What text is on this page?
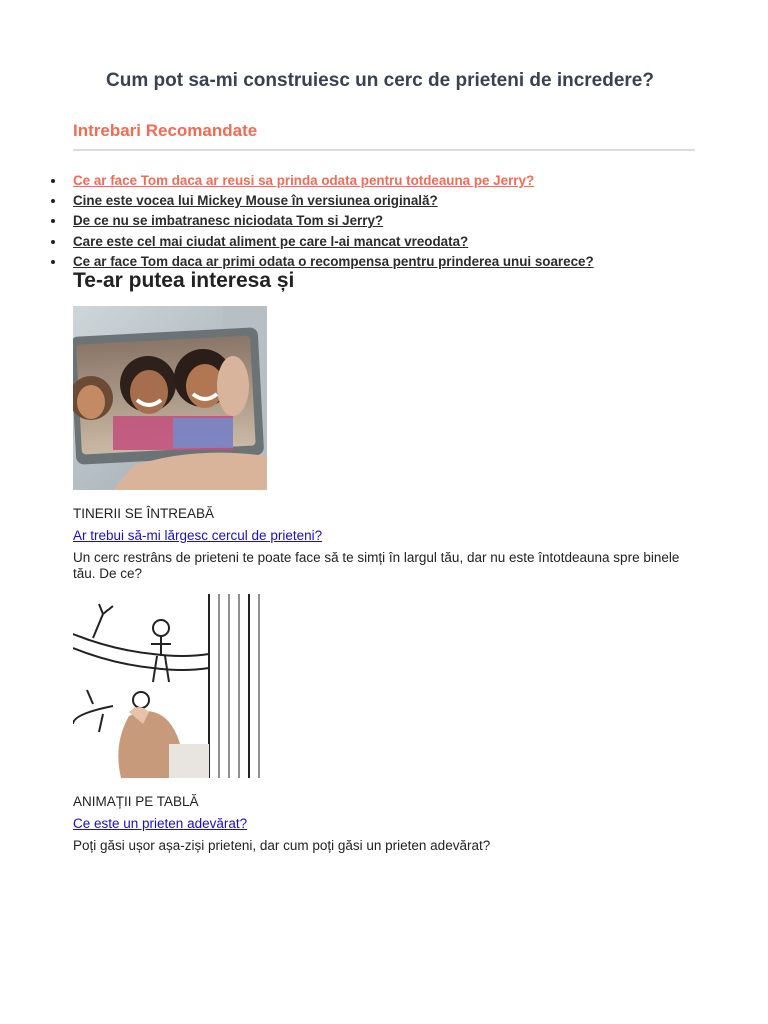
Cum pot sa-mi construiesc un cerc de prieteni de incredere?
Intrebari Recomandate
Ce ar face Tom daca ar reusi sa prinda odata pentru totdeauna pe Jerry?
Cine este vocea lui Mickey Mouse în versiunea originală?
De ce nu se imbatranesc niciodata Tom si Jerry?
Care este cel mai ciudat aliment pe care l-ai mancat vreodata?
Ce ar face Tom daca ar primi odata o recompensa pentru prinderea unui soarece?
Te-ar putea interesa și
TINERII SE ÎNTREABĂ
Ar trebui să-mi lărgesc cercul de prieteni?
Un cerc restrâns de prieteni te poate face să te simți în largul tău, dar nu este întotdeauna spre binele tău. De ce?
ANIMAȚII PE TABLĂ
Ce este un prieten adevărat?
Poți găsi ușor așa-ziși prieteni, dar cum poți găsi un prieten adevărat?
